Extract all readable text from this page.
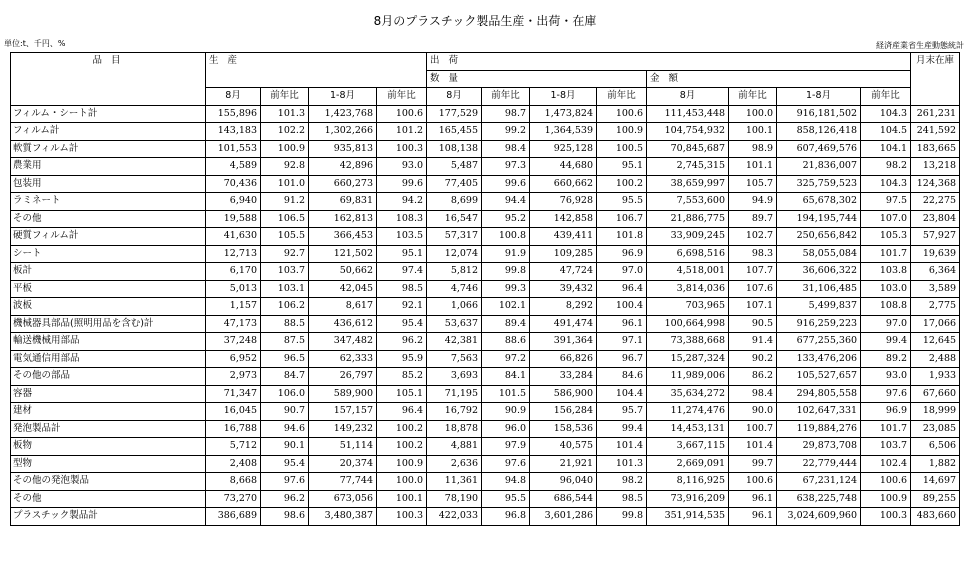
8月のプラスチック製品生産・出荷・在庫
単位:t、千円、%	経済産業省生産動態統計
品 目	生 産				出 荷								月末在庫
					数 量				金 額				
	8月	前年比	1-8月	前年比	8月	前年比	1-8月	前年比	8月	前年比	1-8月	前年比	
フィルム・シート計	155,896	101.3	1,423,768	100.6	177,529	98.7	1,473,824	100.6	111,453,448	100.0	916,181,502	104.3	261,231
フィルム計	143,183	102.2	1,302,266	101.2	165,455	99.2	1,364,539	100.9	104,754,932	100.1	858,126,418	104.5	241,592
軟質フィルム計	101,553	100.9	935,813	100.3	108,138	98.4	925,128	100.5	70,845,687	98.9	607,469,576	104.1	183,665
農業用	4,589	92.8	42,896	93.0	5,487	97.3	44,680	95.1	2,745,315	101.1	21,836,007	98.2	13,218
包装用	70,436	101.0	660,273	99.6	77,405	99.6	660,662	100.2	38,659,997	105.7	325,759,523	104.3	124,368
ラミネート	6,940	91.2	69,831	94.2	8,699	94.4	76,928	95.5	7,553,600	94.9	65,678,302	97.5	22,275
その他	19,588	106.5	162,813	108.3	16,547	95.2	142,858	106.7	21,886,775	89.7	194,195,744	107.0	23,804
硬質フィルム計	41,630	105.5	366,453	103.5	57,317	100.8	439,411	101.8	33,909,245	102.7	250,656,842	105.3	57,927
シート	12,713	92.7	121,502	95.1	12,074	91.9	109,285	96.9	6,698,516	98.3	58,055,084	101.7	19,639
板計	6,170	103.7	50,662	97.4	5,812	99.8	47,724	97.0	4,518,001	107.7	36,606,322	103.8	6,364
平板	5,013	103.1	42,045	98.5	4,746	99.3	39,432	96.4	3,814,036	107.6	31,106,485	103.0	3,589
波板	1,157	106.2	8,617	92.1	1,066	102.1	8,292	100.4	703,965	107.1	5,499,837	108.8	2,775
機械器具部品(照明用品を含む)計	47,173	88.5	436,612	95.4	53,637	89.4	491,474	96.1	100,664,998	90.5	916,259,223	97.0	17,066
輸送機械用部品	37,248	87.5	347,482	96.2	42,381	88.6	391,364	97.1	73,388,668	91.4	677,255,360	99.4	12,645
電気通信用部品	6,952	96.5	62,333	95.9	7,563	97.2	66,826	96.7	15,287,324	90.2	133,476,206	89.2	2,488
その他の部品	2,973	84.7	26,797	85.2	3,693	84.1	33,284	84.6	11,989,006	86.2	105,527,657	93.0	1,933
容器	71,347	106.0	589,900	105.1	71,195	101.5	586,900	104.4	35,634,272	98.4	294,805,558	97.6	67,660
建材	16,045	90.7	157,157	96.4	16,792	90.9	156,284	95.7	11,274,476	90.0	102,647,331	96.9	18,999
発泡製品計	16,788	94.6	149,232	100.2	18,878	96.0	158,536	99.4	14,453,131	100.7	119,884,276	101.7	23,085
板物	5,712	90.1	51,114	100.2	4,881	97.9	40,575	101.4	3,667,115	101.4	29,873,708	103.7	6,506
型物	2,408	95.4	20,374	100.9	2,636	97.6	21,921	101.3	2,669,091	99.7	22,779,444	102.4	1,882
その他の発泡製品	8,668	97.6	77,744	100.0	11,361	94.8	96,040	98.2	8,116,925	100.6	67,231,124	100.6	14,697
その他	73,270	96.2	673,056	100.1	78,190	95.5	686,544	98.5	73,916,209	96.1	638,225,748	100.9	89,255
プラスチック製品計	386,689	98.6	3,480,387	100.3	422,033	96.8	3,601,286	99.8	351,914,535	96.1	3,024,609,960	100.3	483,660
